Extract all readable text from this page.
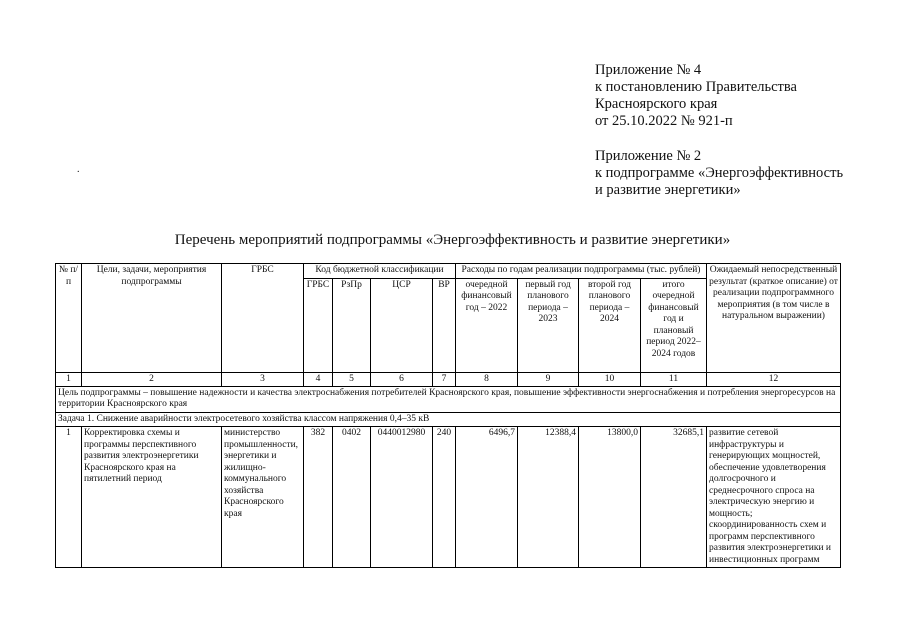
Приложение № 4
к постановлению Правительства
Красноярского края
от 25.10.2022 № 921-п
Приложение № 2
к подпрограмме «Энергоэффективность
и развитие энергетики»
.
Перечень мероприятий подпрограммы «Энергоэффективность и развитие энергетики»
№ п/п	Цели, задачи, мероприятия подпрограммы	ГРБС	Код бюджетной классификации				Расходы по годам реализации подпрограммы (тыс. рублей)				Ожидаемый непосредственный результат (краткое описание) от реализации подпрограммного мероприятия (в том числе в натуральном выражении)
			ГРБС	РзПр	ЦСР	ВР	очередной финансовый год – 2022	первый год планового периода – 2023	второй год планового периода – 2024	итого очередной финансовый год и плановый период 2022–2024 годов	
1	2	3	4	5	6	7	8	9	10	11	12
Цель подпрограммы – повышение надежности и качества электроснабжения потребителей Красноярского края, повышение эффективности энергоснабжения и потребления энергоресурсов на территории Красноярского края											
Задача 1. Снижение аварийности электросетевого хозяйства классом напряжения 0,4–35 кВ											
1	Корректировка схемы и программы перспективного развития электроэнергетики Красноярского края на пятилетний период	министерство промышленности, энергетики и жилищно-коммунального хозяйства Красноярского края	382	0402	0440012980	240	6496,7	12388,4	13800,0	32685,1	развитие сетевой инфраструктуры и генерирующих мощностей, обеспечение удовлетворения долгосрочного и среднесрочного спроса на электрическую энергию и мощность; скоординированность схем и программ перспективного развития электроэнергетики и инвестиционных программ
